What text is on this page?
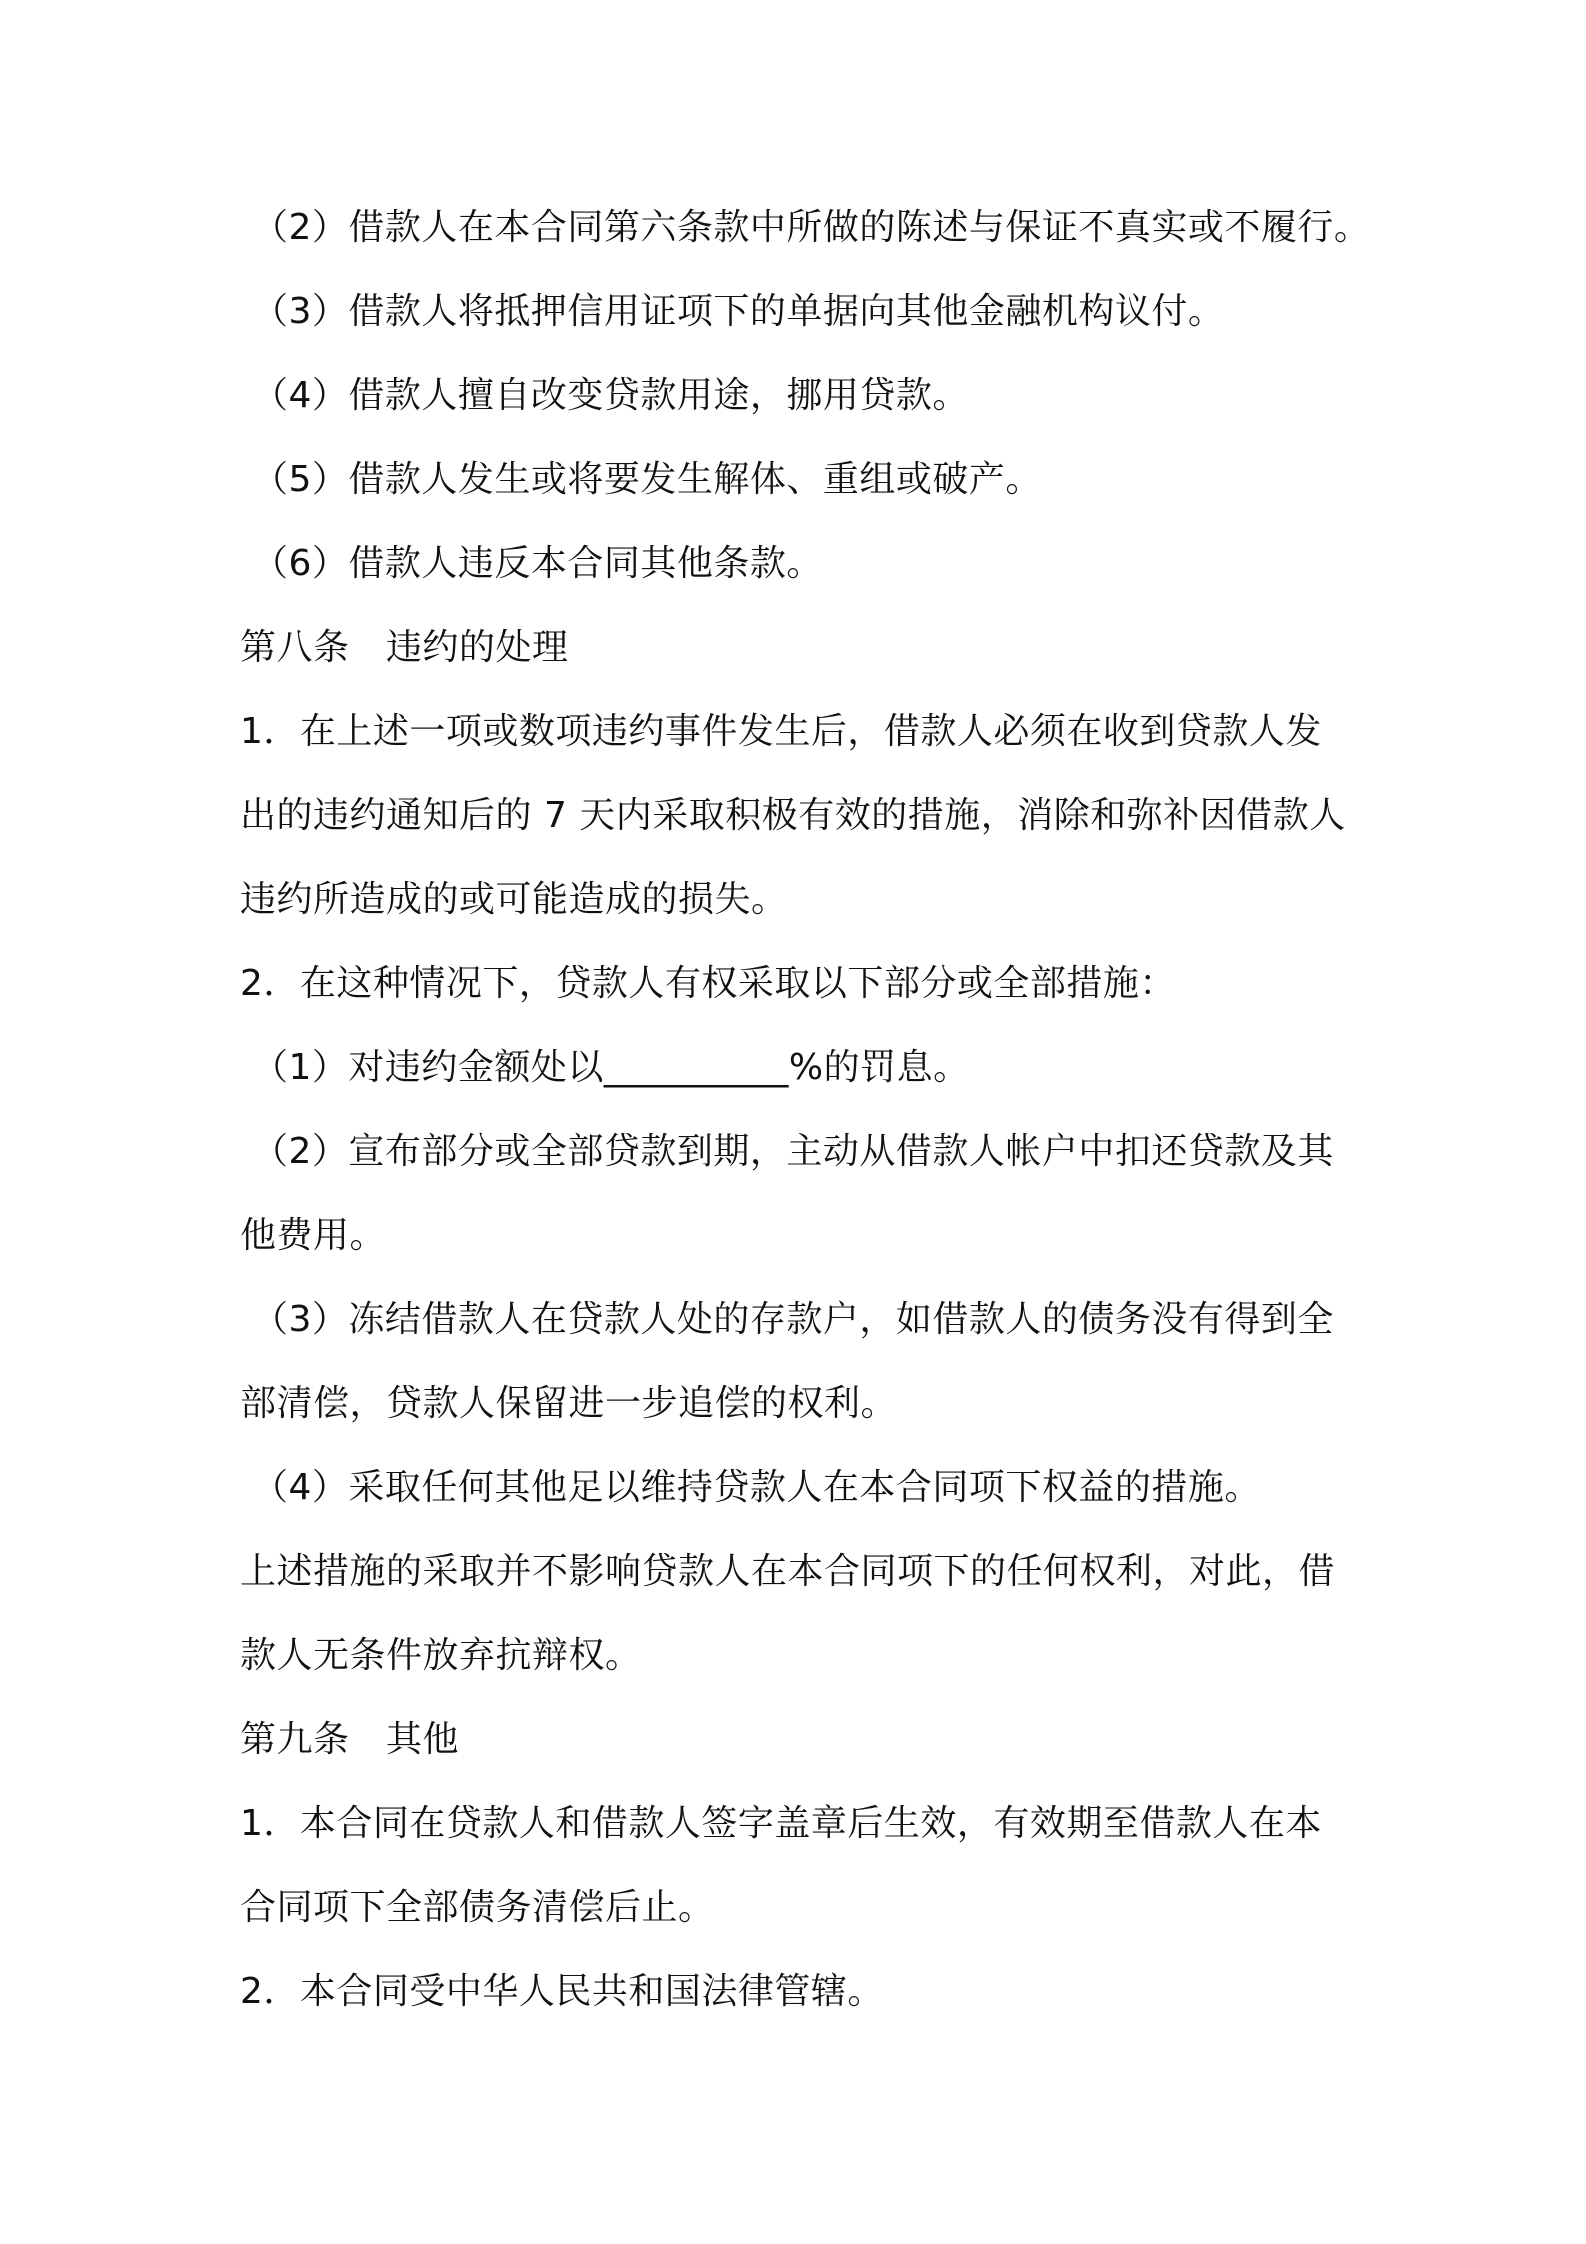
（2）借款人在本合同第六条款中所做的陈述与保证不真实或不履行。
（3）借款人将抵押信用证项下的单据向其他金融机构议付。
（4）借款人擅自改变贷款用途，挪用贷款。
（5）借款人发生或将要发生解体、重组或破产。
（6）借款人违反本合同其他条款。
第八条　违约的处理
1．在上述一项或数项违约事件发生后，借款人必须在收到贷款人发
出的违约通知后的 7 天内采取积极有效的措施，消除和弥补因借款人
违约所造成的或可能造成的损失。
2．在这种情况下，贷款人有权采取以下部分或全部措施：
（1）对违约金额处以__________%的罚息。
（2）宣布部分或全部贷款到期，主动从借款人帐户中扣还贷款及其
他费用。
（3）冻结借款人在贷款人处的存款户，如借款人的债务没有得到全
部清偿，贷款人保留进一步追偿的权利。
（4）采取任何其他足以维持贷款人在本合同项下权益的措施。
上述措施的采取并不影响贷款人在本合同项下的任何权利，对此，借
款人无条件放弃抗辩权。
第九条　其他
1．本合同在贷款人和借款人签字盖章后生效，有效期至借款人在本
合同项下全部债务清偿后止。
2．本合同受中华人民共和国法律管辖。
